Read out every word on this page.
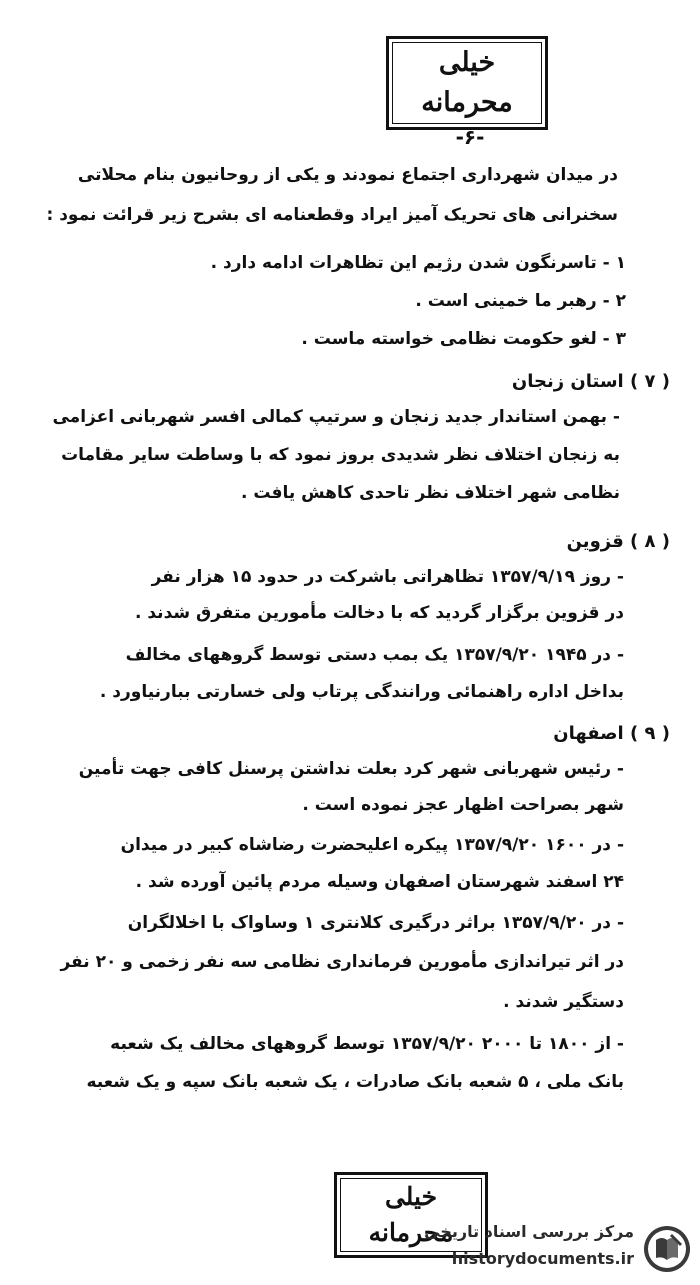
خیلی محرمانه
-۶-
در میدان شهرداری اجتماع نمودند و یکی از روحانیون بنام محلاتی
سخنرانی های تحریک آمیز ایراد وقطعنامه ای بشرح زیر قرائت نمود :
۱ - تاسرنگون شدن رژیم این تظاهرات ادامه دارد .
۲ - رهبر ما خمینی است .
۳ - لغو حکومت نظامی خواسته ماست .
( ۷ ) استان زنجان
- بهمن استاندار جدید زنجان و سرتیپ کمالی افسر شهربانی اعزامی
به زنجان اختلاف نظر شدیدی بروز نمود که با وساطت سایر مقامات
نظامی شهر اختلاف نظر تاحدی کاهش یافت .
( ۸ ) قزوین
- روز ۱۳۵۷/۹/۱۹ تظاهراتی باشرکت در حدود ۱۵ هزار نفر
در قزوین برگزار گردید که با دخالت مأمورین متفرق شدند .
- در ۱۹۴۵ ۱۳۵۷/۹/۲۰ یک بمب دستی توسط گروههای مخالف
بداخل اداره راهنمائی ورانندگی پرتاب ولی خسارتی ببارنیاورد .
( ۹ ) اصفهان
- رئیس شهربانی شهر کرد بعلت نداشتن پرسنل کافی جهت تأمین
شهر بصراحت اظهار عجز نموده است .
- در ۱۶۰۰ ۱۳۵۷/۹/۲۰ پیکره اعلیحضرت رضاشاه کبیر در میدان
۲۴ اسفند شهرستان اصفهان وسیله مردم پائین آورده شد .
- در ۱۳۵۷/۹/۲۰ براثر درگیری کلانتری ۱ وساواک با اخلالگران
در اثر تیراندازی مأمورین فرمانداری نظامی سه نفر زخمی و ۲۰ نفر
دستگیر شدند .
- از ۱۸۰۰ تا ۲۰۰۰ ۱۳۵۷/۹/۲۰ توسط گروههای مخالف یک شعبه
بانک ملی ، ۵ شعبه بانک صادرات ، یک شعبه بانک سپه و یک شعبه
خیلی محرمانه
مرکز بررسی اسناد تاریخی
historydocuments.ir
